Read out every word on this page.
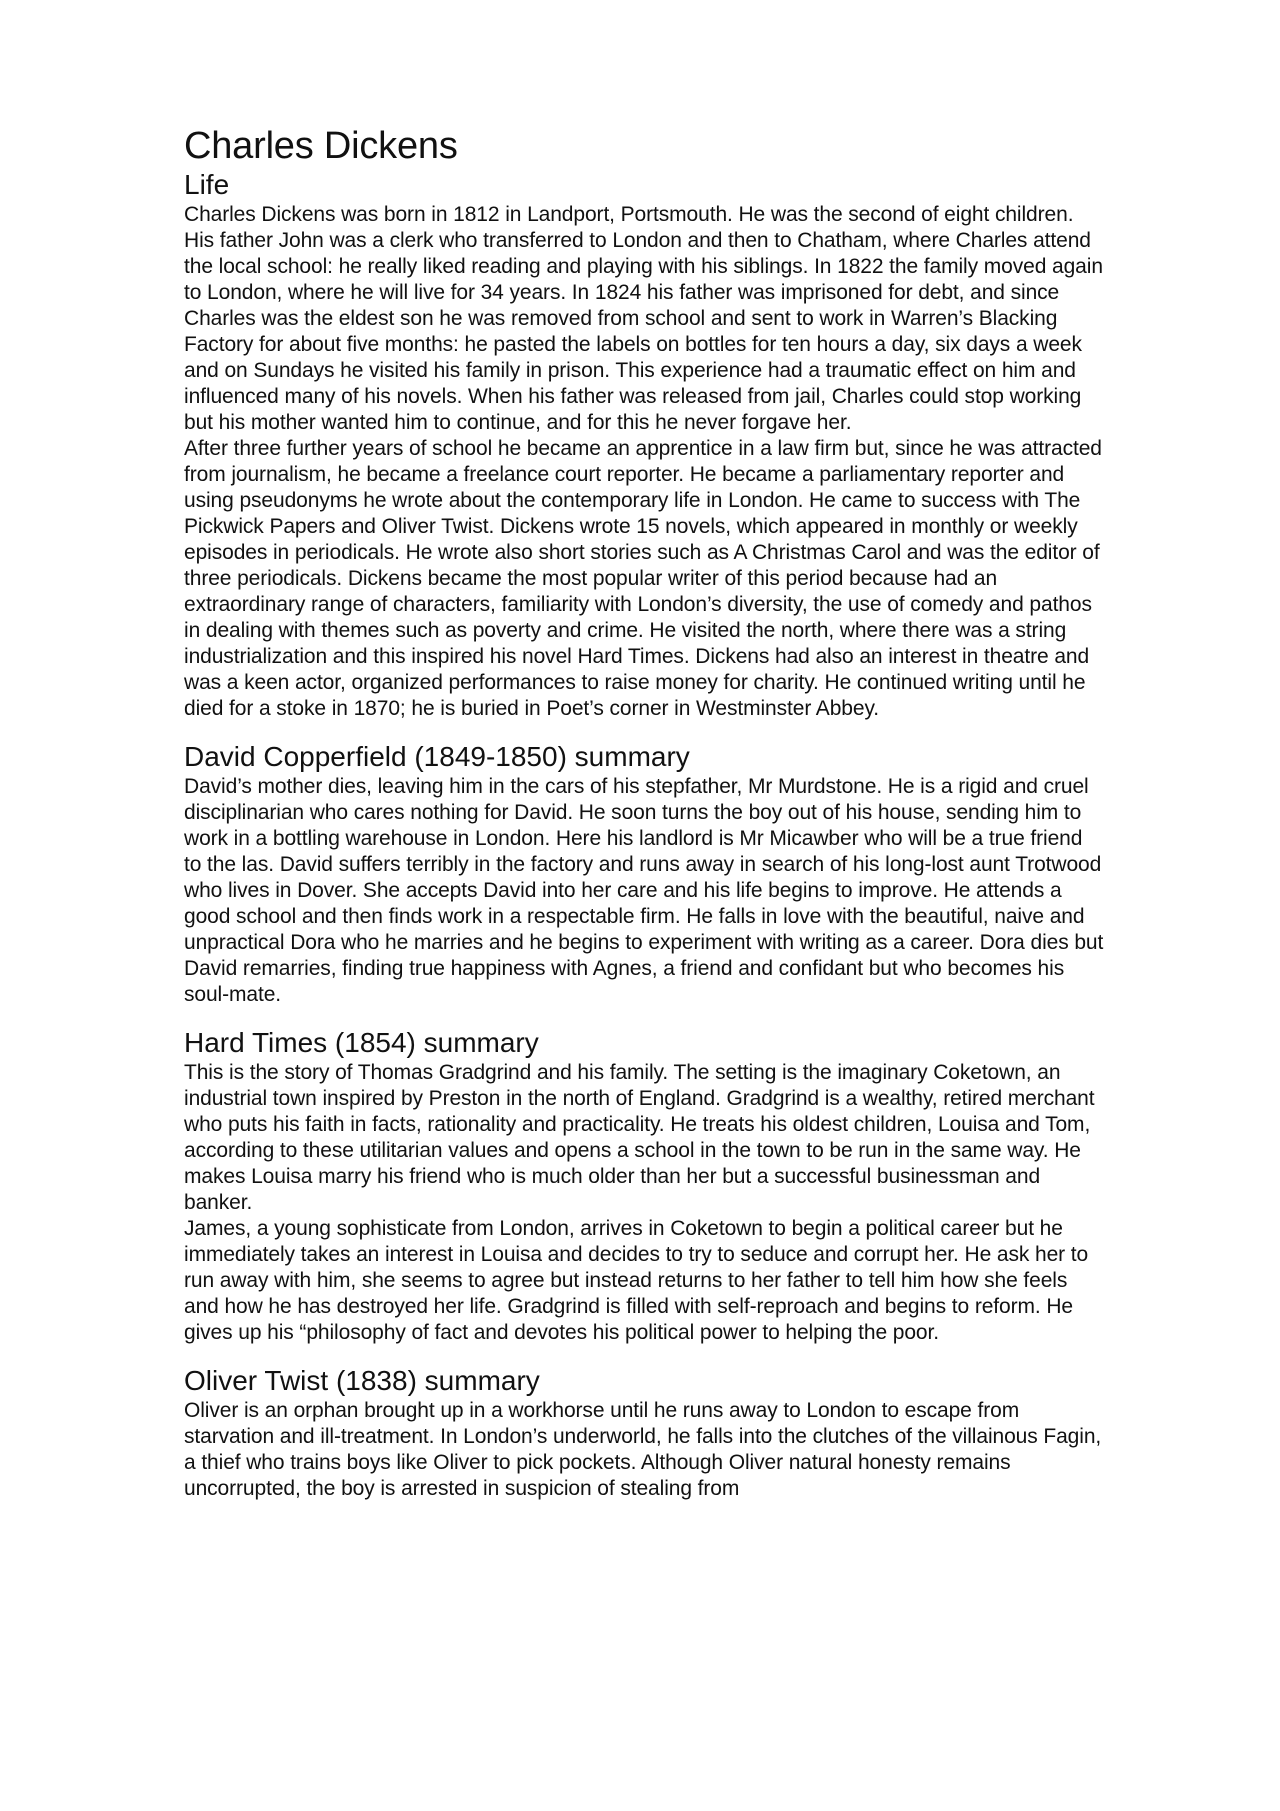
Charles Dickens
Life

Charles Dickens was born in 1812 in Landport, Portsmouth. He was the second of eight children. His father John was a clerk who transferred to London and then to Chatham, where Charles attend the local school: he really liked reading and playing with his siblings. In 1822 the family moved again to London, where he will live for 34 years. In 1824 his father was imprisoned for debt, and since Charles was the eldest son he was removed from school and sent to work in Warren’s Blacking Factory for about five months: he pasted the labels on bottles for ten hours a day, six days a week and on Sundays he visited his family in prison. This experience had a traumatic effect on him and influenced many of his novels. When his father was released from jail, Charles could stop working but his mother wanted him to continue, and for this he never forgave her.

After three further years of school he became an apprentice in a law firm but, since he was attracted from journalism, he became a freelance court reporter. He became a parliamentary reporter and using pseudonyms he wrote about the contemporary life in London. He came to success with The Pickwick Papers and Oliver Twist. Dickens wrote 15 novels, which appeared in monthly or weekly episodes in periodicals. He wrote also short stories such as A Christmas Carol and was the editor of three periodicals. Dickens became the most popular writer of this period because had an extraordinary range of characters, familiarity with London’s diversity, the use of comedy and pathos in dealing with themes such as poverty and crime. He visited the north, where there was a string industrialization and this inspired his novel Hard Times. Dickens had also an interest in theatre and was a keen actor, organized performances to raise money for charity. He continued writing until he died for a stoke in 1870; he is buried in Poet’s corner in Westminster Abbey.

David Copperfield (1849-1850) summary

David’s mother dies, leaving him in the cars of his stepfather, Mr Murdstone. He is a rigid and cruel disciplinarian who cares nothing for David. He soon turns the boy out of his house, sending him to work in a bottling warehouse in London. Here his landlord is Mr Micawber who will be a true friend to the las. David suffers terribly in the factory and runs away in search of his long-lost aunt Trotwood who lives in Dover. She accepts David into her care and his life begins to improve. He attends a good school and then finds work in a respectable firm. He falls in love with the beautiful, naive and unpractical Dora who he marries and he begins to experiment with writing as a career. Dora dies but David remarries, finding true happiness with Agnes, a friend and confidant but who becomes his soul-mate.

Hard Times (1854) summary

This is the story of Thomas Gradgrind and his family. The setting is the imaginary Coketown, an industrial town inspired by Preston in the north of England. Gradgrind is a wealthy, retired merchant who puts his faith in facts, rationality and practicality. He treats his oldest children, Louisa and Tom, according to these utilitarian values and opens a school in the town to be run in the same way. He makes Louisa marry his friend who is much older than her but a successful businessman and banker.

James, a young sophisticate from London, arrives in Coketown to begin a political career but he immediately takes an interest in Louisa and decides to try to seduce and corrupt her. He ask her to run away with him, she seems to agree but instead returns to her father to tell him how she feels and how he has destroyed her life. Gradgrind is filled with self-reproach and begins to reform. He gives up his “philosophy of fact and devotes his political power to helping the poor.

Oliver Twist (1838) summary

Oliver is an orphan brought up in a workhorse until he runs away to London to escape from starvation and ill-treatment. In London’s underworld, he falls into the clutches of the villainous Fagin, a thief who trains boys like Oliver to pick pockets. Although Oliver natural honesty remains uncorrupted, the boy is arrested in suspicion of stealing from
